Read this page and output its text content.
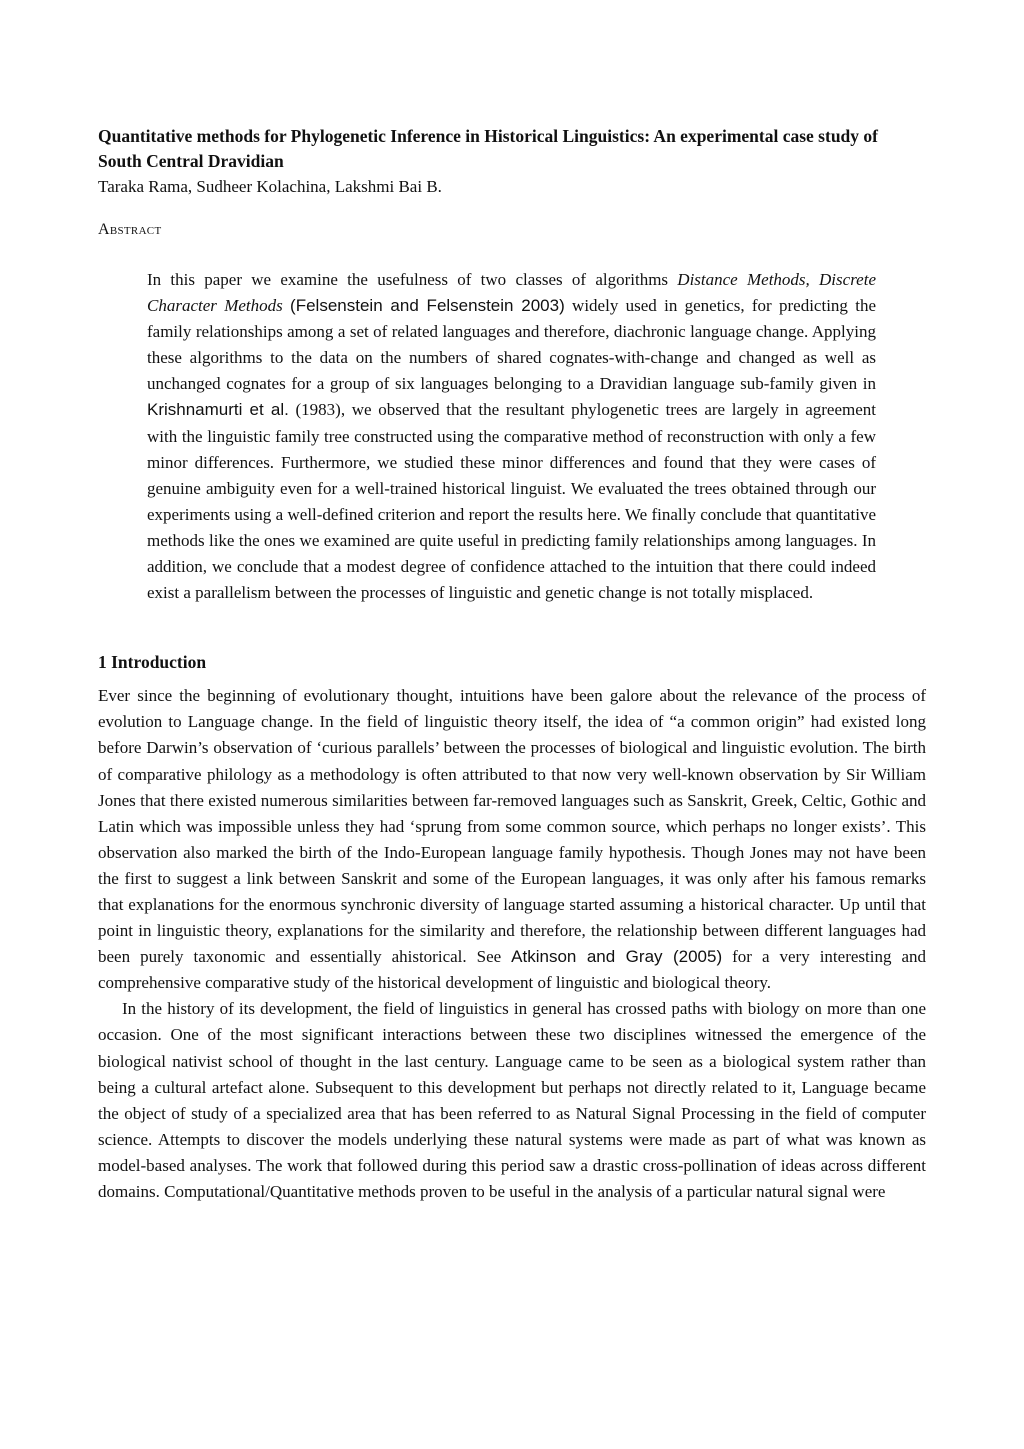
Quantitative methods for Phylogenetic Inference in Historical Linguistics: An experimental case study of South Central Dravidian

Taraka Rama, Sudheer Kolachina, Lakshmi Bai B.

Abstract

In this paper we examine the usefulness of two classes of algorithms Distance Methods, Discrete Character Methods (Felsenstein and Felsenstein 2003) widely used in genetics, for predicting the family relationships among a set of related languages and therefore, diachronic language change. Applying these algorithms to the data on the numbers of shared cognates-with-change and changed as well as unchanged cognates for a group of six languages belonging to a Dravidian language sub-family given in Krishnamurti et al. (1983), we observed that the resultant phylogenetic trees are largely in agreement with the linguistic family tree constructed using the comparative method of reconstruction with only a few minor differences. Furthermore, we studied these minor differences and found that they were cases of genuine ambiguity even for a well-trained historical linguist. We evaluated the trees obtained through our experiments using a well-defined criterion and report the results here. We finally conclude that quantitative methods like the ones we examined are quite useful in predicting family relationships among languages. In addition, we conclude that a modest degree of confidence attached to the intuition that there could indeed exist a parallelism between the processes of linguistic and genetic change is not totally misplaced.

1 Introduction

Ever since the beginning of evolutionary thought, intuitions have been galore about the relevance of the process of evolution to Language change. In the field of linguistic theory itself, the idea of “a common origin” had existed long before Darwin’s observation of ‘curious parallels’ between the processes of biological and linguistic evolution. The birth of comparative philology as a methodology is often attributed to that now very well-known observation by Sir William Jones that there existed numerous similarities between far-removed languages such as Sanskrit, Greek, Celtic, Gothic and Latin which was impossible unless they had ‘sprung from some common source, which perhaps no longer exists’. This observation also marked the birth of the Indo-European language family hypothesis. Though Jones may not have been the first to suggest a link between Sanskrit and some of the European languages, it was only after his famous remarks that explanations for the enormous synchronic diversity of language started assuming a historical character. Up until that point in linguistic theory, explanations for the similarity and therefore, the relationship between different languages had been purely taxonomic and essentially ahistorical. See Atkinson and Gray (2005) for a very interesting and comprehensive comparative study of the historical development of linguistic and biological theory.

In the history of its development, the field of linguistics in general has crossed paths with biology on more than one occasion. One of the most significant interactions between these two disciplines witnessed the emergence of the biological nativist school of thought in the last century. Language came to be seen as a biological system rather than being a cultural artefact alone. Subsequent to this development but perhaps not directly related to it, Language became the object of study of a specialized area that has been referred to as Natural Signal Processing in the field of computer science. Attempts to discover the models underlying these natural systems were made as part of what was known as model-based analyses. The work that followed during this period saw a drastic cross-pollination of ideas across different domains. Computational/Quantitative methods proven to be useful in the analysis of a particular natural signal were
